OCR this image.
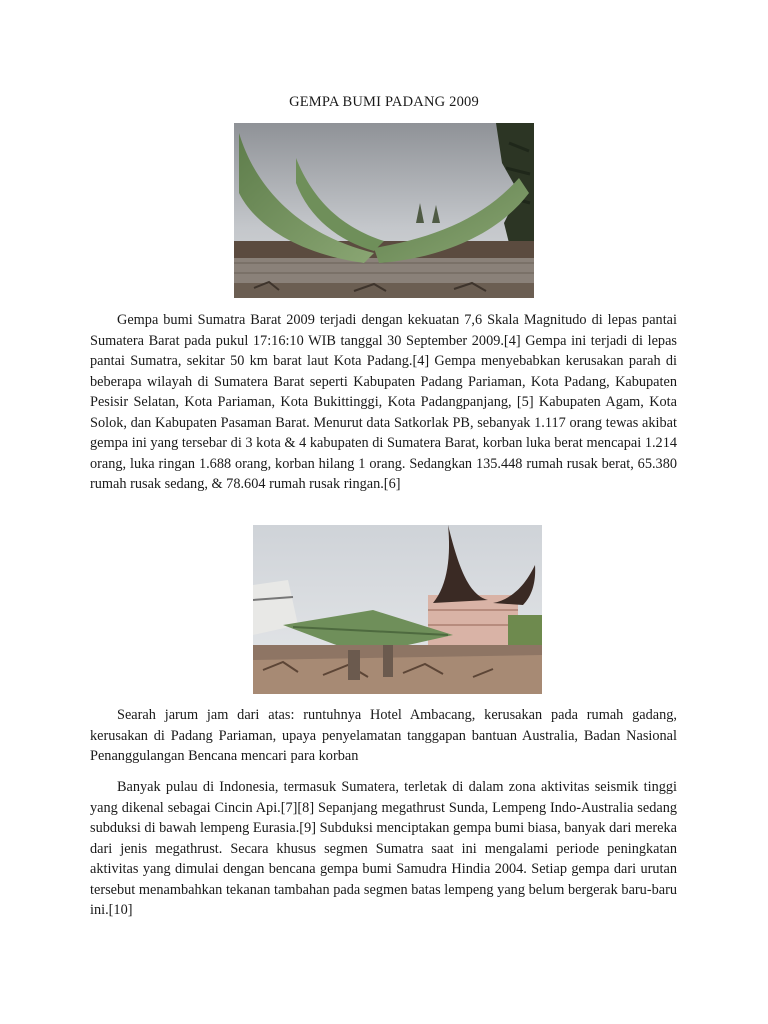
GEMPA BUMI PADANG 2009

Gempa bumi Sumatra Barat 2009 terjadi dengan kekuatan 7,6 Skala Magnitudo di lepas pantai Sumatera Barat pada pukul 17:16:10 WIB tanggal 30 September 2009.[4] Gempa ini terjadi di lepas pantai Sumatra, sekitar 50 km barat laut Kota Padang.[4] Gempa menyebabkan kerusakan parah di beberapa wilayah di Sumatera Barat seperti Kabupaten Padang Pariaman, Kota Padang, Kabupaten Pesisir Selatan, Kota Pariaman, Kota Bukittinggi, Kota Padangpanjang, [5] Kabupaten Agam, Kota Solok, dan Kabupaten Pasaman Barat. Menurut data Satkorlak PB, sebanyak 1.117 orang tewas akibat gempa ini yang tersebar di 3 kota & 4 kabupaten di Sumatera Barat, korban luka berat mencapai 1.214 orang, luka ringan 1.688 orang, korban hilang 1 orang. Sedangkan 135.448 rumah rusak berat, 65.380 rumah rusak sedang, & 78.604 rumah rusak ringan.[6]

Searah jarum jam dari atas: runtuhnya Hotel Ambacang, kerusakan pada rumah gadang, kerusakan di Padang Pariaman, upaya penyelamatan tanggapan bantuan Australia, Badan Nasional Penanggulangan Bencana mencari para korban

Banyak pulau di Indonesia, termasuk Sumatera, terletak di dalam zona aktivitas seismik tinggi yang dikenal sebagai Cincin Api.[7][8] Sepanjang megathrust Sunda, Lempeng Indo-Australia sedang subduksi di bawah lempeng Eurasia.[9] Subduksi menciptakan gempa bumi biasa, banyak dari mereka dari jenis megathrust. Secara khusus segmen Sumatra saat ini mengalami periode peningkatan aktivitas yang dimulai dengan bencana gempa bumi Samudra Hindia 2004. Setiap gempa dari urutan tersebut menambahkan tekanan tambahan pada segmen batas lempeng yang belum bergerak baru-baru ini.[10]
